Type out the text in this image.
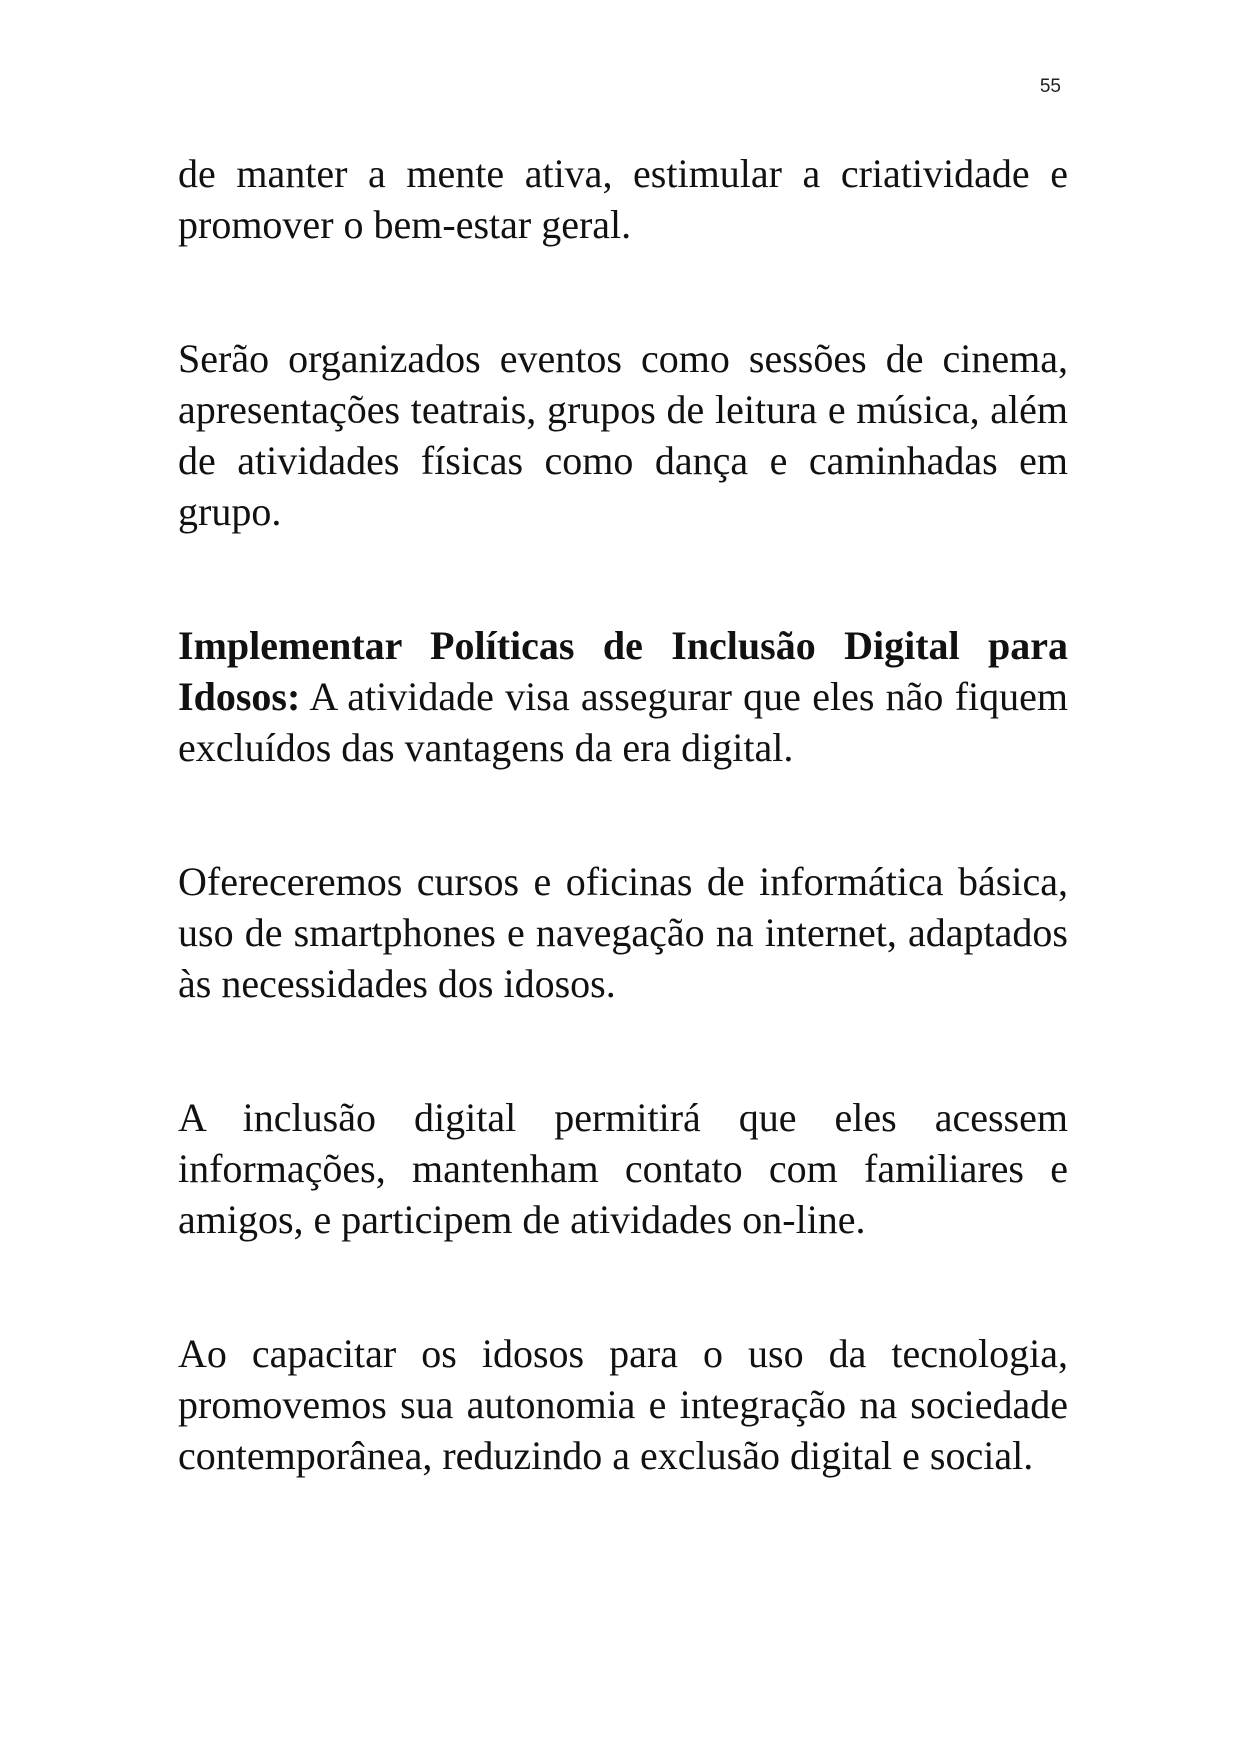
55

de manter a mente ativa, estimular a criatividade e promover o bem-estar geral.

Serão organizados eventos como sessões de cinema, apresentações teatrais, grupos de leitura e música, além de atividades físicas como dança e caminhadas em grupo.

Implementar Políticas de Inclusão Digital para Idosos: A atividade visa assegurar que eles não fiquem excluídos das vantagens da era digital.

Ofereceremos cursos e oficinas de informática básica, uso de smartphones e navegação na internet, adaptados às necessidades dos idosos.

A inclusão digital permitirá que eles acessem informações, mantenham contato com familiares e amigos, e participem de atividades on-line.

Ao capacitar os idosos para o uso da tecnologia, promovemos sua autonomia e integração na sociedade contemporânea, reduzindo a exclusão digital e social.
